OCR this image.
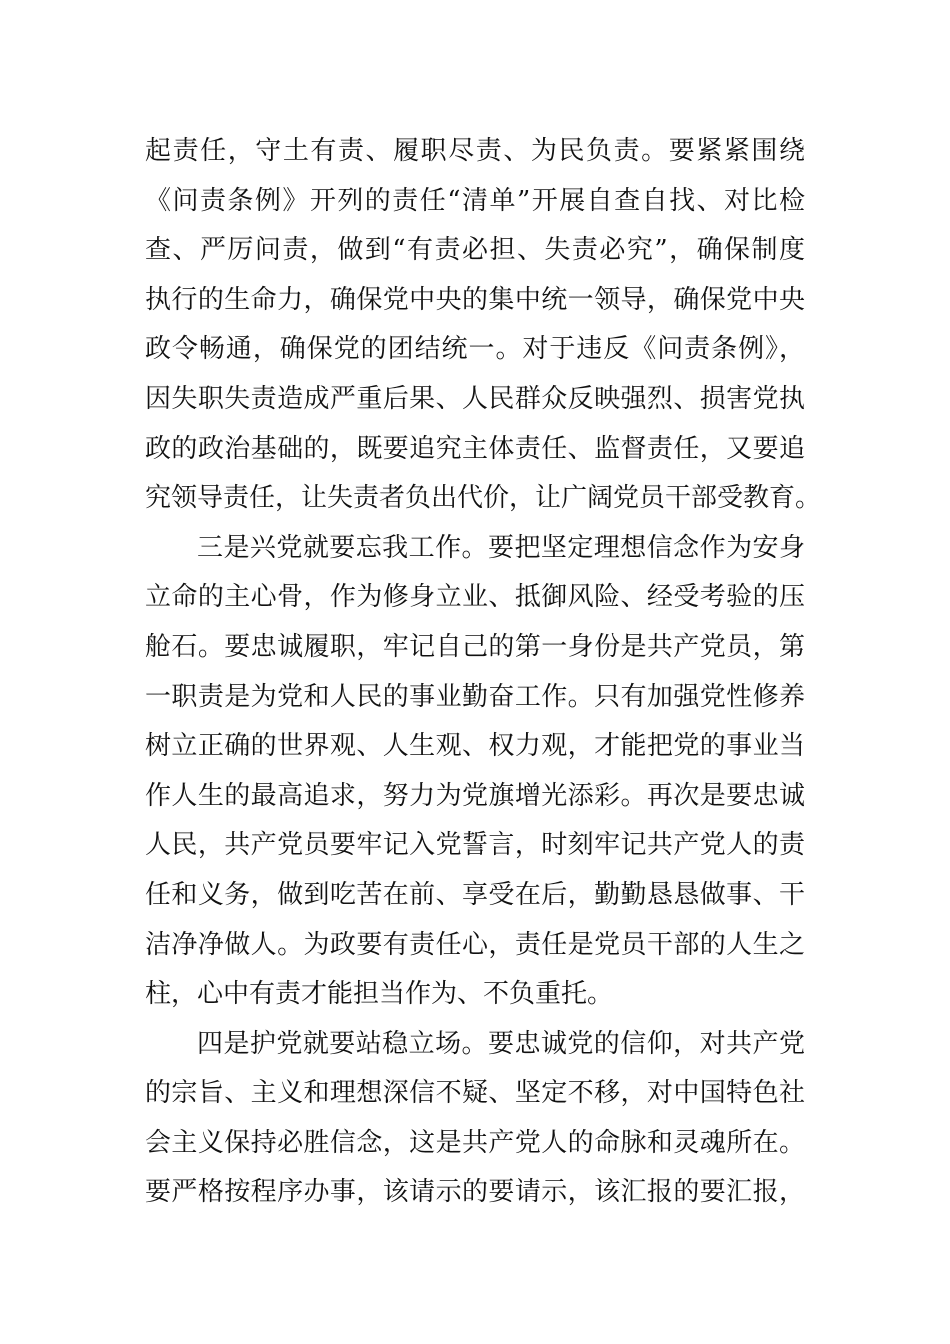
起责任，守土有责、履职尽责、为民负责。要紧紧围绕
《问责条例》开列的责任“清单”开展自查自找、对比检
查、严厉问责，做到“有责必担、失责必究”，确保制度
执行的生命力，确保党中央的集中统一领导，确保党中央
政令畅通，确保党的团结统一。对于违反《问责条例》，
因失职失责造成严重后果、人民群众反映强烈、损害党执
政的政治基础的，既要追究主体责任、监督责任，又要追
究领导责任，让失责者负出代价，让广阔党员干部受教育。
三是兴党就要忘我工作。要把坚定理想信念作为安身
立命的主心骨，作为修身立业、抵御风险、经受考验的压
舱石。要忠诚履职，牢记自己的第一身份是共产党员，第
一职责是为党和人民的事业勤奋工作。只有加强党性修养
树立正确的世界观、人生观、权力观，才能把党的事业当
作人生的最高追求，努力为党旗增光添彩。再次是要忠诚
人民，共产党员要牢记入党誓言，时刻牢记共产党人的责
任和义务，做到吃苦在前、享受在后，勤勤恳恳做事、干
洁净净做人。为政要有责任心，责任是党员干部的人生之
柱，心中有责才能担当作为、不负重托。
四是护党就要站稳立场。要忠诚党的信仰，对共产党
的宗旨、主义和理想深信不疑、坚定不移，对中国特色社
会主义保持必胜信念，这是共产党人的命脉和灵魂所在。
要严格按程序办事，该请示的要请示，该汇报的要汇报，
